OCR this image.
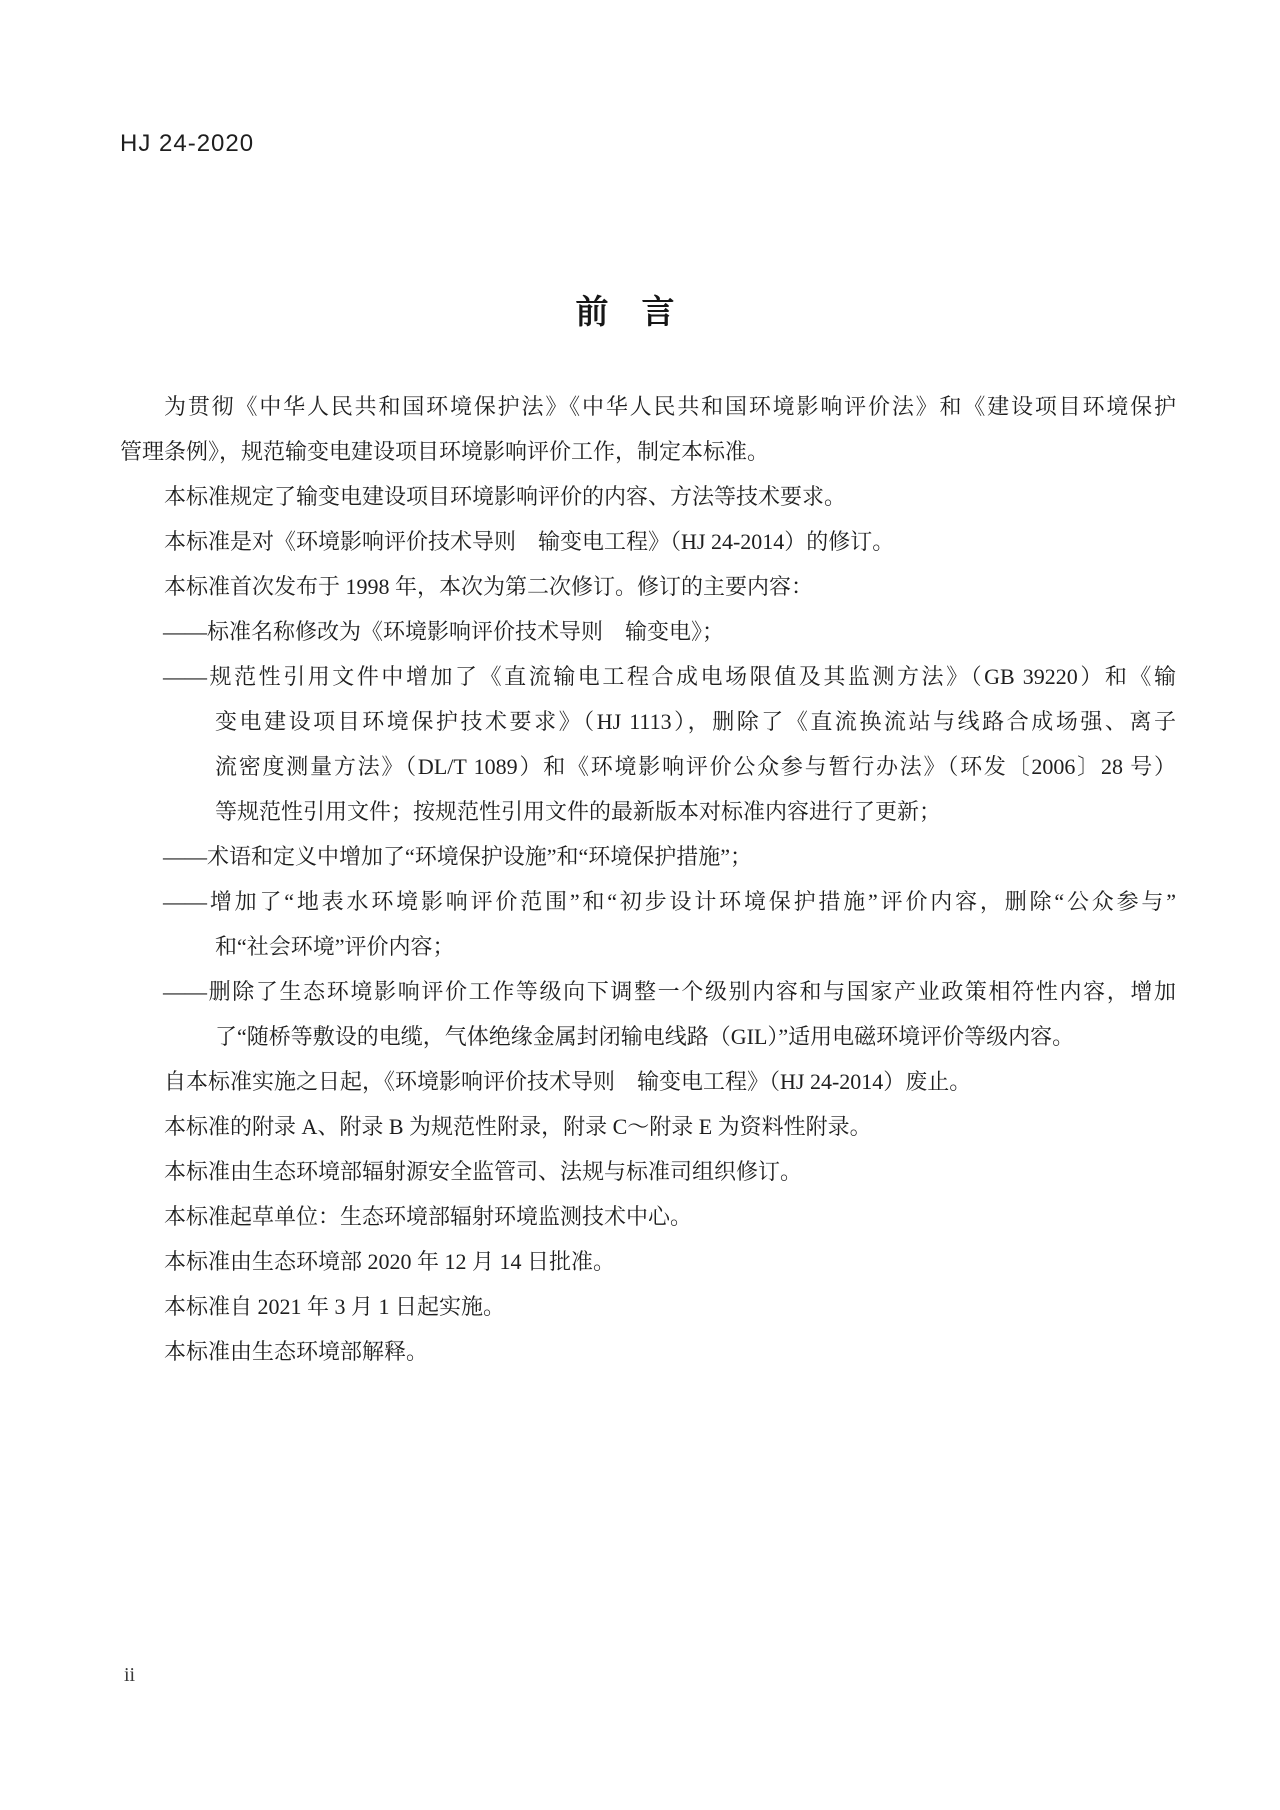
HJ 24-2020
前　言
为贯彻《中华人民共和国环境保护法》《中华人民共和国环境影响评价法》和《建设项目环境保护
管理条例》，规范输变电建设项目环境影响评价工作，制定本标准。
本标准规定了输变电建设项目环境影响评价的内容、方法等技术要求。
本标准是对《环境影响评价技术导则　输变电工程》（HJ 24-2014）的修订。
本标准首次发布于 1998 年，本次为第二次修订。修订的主要内容：
——标准名称修改为《环境影响评价技术导则　输变电》；
——规范性引用文件中增加了《直流输电工程合成电场限值及其监测方法》（GB 39220）和《输
变电建设项目环境保护技术要求》（HJ 1113），删除了《直流换流站与线路合成场强、离子
流密度测量方法》（DL/T 1089）和《环境影响评价公众参与暂行办法》（环发〔2006〕28 号）
等规范性引用文件；按规范性引用文件的最新版本对标准内容进行了更新；
——术语和定义中增加了“环境保护设施”和“环境保护措施”；
——增加了“地表水环境影响评价范围”和“初步设计环境保护措施”评价内容，删除“公众参与”
和“社会环境”评价内容；
——删除了生态环境影响评价工作等级向下调整一个级别内容和与国家产业政策相符性内容，增加
了“随桥等敷设的电缆，气体绝缘金属封闭输电线路（GIL）”适用电磁环境评价等级内容。
自本标准实施之日起，《环境影响评价技术导则　输变电工程》（HJ 24-2014）废止。
本标准的附录 A、附录 B 为规范性附录，附录 C～附录 E 为资料性附录。
本标准由生态环境部辐射源安全监管司、法规与标准司组织修订。
本标准起草单位：生态环境部辐射环境监测技术中心。
本标准由生态环境部 2020 年 12 月 14 日批准。
本标准自 2021 年 3 月 1 日起实施。
本标准由生态环境部解释。
ii
